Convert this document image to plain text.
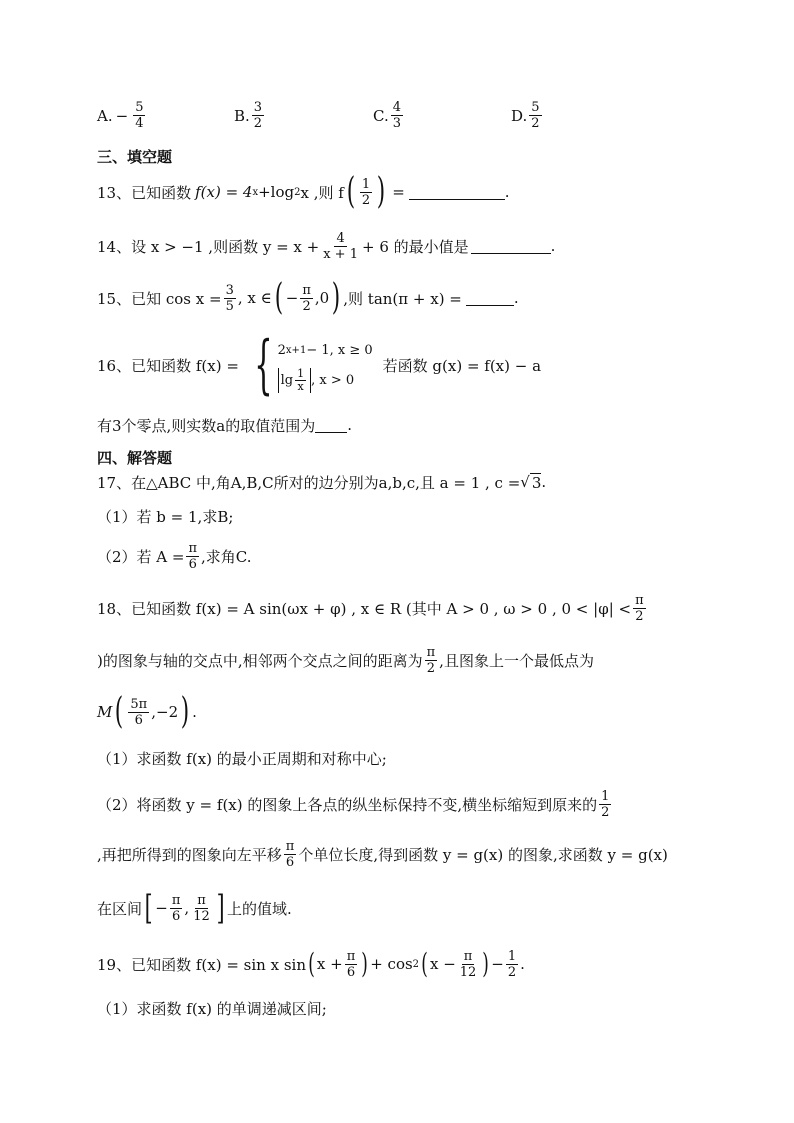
A. − $\frac{5}{4}$	B. $\frac{3}{2}$	C. $\frac{4}{3}$	D. $\frac{5}{2}$
三、填空题
13、已知函数 f(x) = 4 x +log 2 x ,则 f ( $\frac{1}{2}$ ) =	.
14、设 x > −1 ,则函数 $y = x + \frac{4}{x + 1} + 6$ 的最小值是	.
15、已知 $\cos x = \frac{3}{5}$ , x ∈ ( − $\frac{\pi}{2} ,0$ ) ,则 tan(π + x) =	.
16、已知函数 f(x) = { 2 x+1 − 1, x ≥ 0
$\lg \frac{1}{x}$ , x > 0
若函数 g(x) = f(x) − a
有3个零点,则实数a的取值范围为 .
四、解答题
17、在△ABC 中,角A,B,C所对的边分别为a,b,c,且 a = 1 , c = √ 3 .
（1）若 b = 1,求B;
（2）若 $A = \frac{\pi}{6}$ ,求角C.
18、已知函数 f(x) = A sin(ωx + φ) , x ∈ R (其中 A > 0 , ω > 0 , $0 < |\varphi| < \frac{\pi}{2}$
)的图象与轴的交点中,相邻两个交点之间的距离为 $\frac{\pi}{2}$ ,且图象上一个最低点为
M ( $\frac{5\pi}{6} ,-2$ ) .
（1）求函数 f(x) 的最小正周期和对称中心;
（2）将函数 y = f(x) 的图象上各点的纵坐标保持不变,横坐标缩短到原来的 $\frac{1}{2}$
,再把所得到的图象向左平移 $\frac{\pi}{6}$ 个单位长度,得到函数 y = g(x) 的图象,求函数 y = g(x)
在区间 [ − $\frac{\pi}{6}$ , $\frac{\pi}{12}$ ] 上的值域.
19、已知函数 f(x) = sin x sin ( $x + \frac{\pi}{6}$ ) + cos 2 ( $x - \frac{\pi}{12}$ ) − $\frac{1}{2}$ .
（1）求函数 f(x) 的单调递减区间;
